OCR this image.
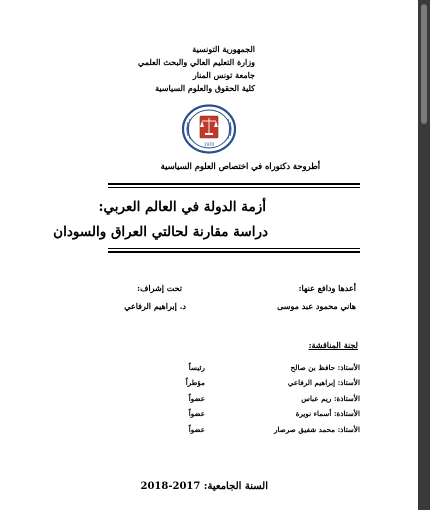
الجمهورية التونسية
وزارة التعليم العالي والبحث العلمي
جامعة تونس المنار
كلية الحقوق والعلوم السياسية
1970
أطروحة دكتوراه في اختصاص العلوم السياسية
أزمة الدولة في العالم العربي:
دراسة مقارنة لحالتي العراق والسودان
أعدها ودافع عنها:
هاني محمود عبد موسى
تحت إشراف:
د. إبراهيم الرفاعي
لجنة المناقشة:
الأستاذ: حافظ بن صالح
رئيساً
الأستاذ: إبراهيم الرفاعي
مؤطراً
الأستاذة: ريم عباس
عضواً
الأستاذة: أسماء نويرة
عضواً
الأستاذ: محمد شفيق صرصار
عضواً
السنة الجامعية: 2017-2018
